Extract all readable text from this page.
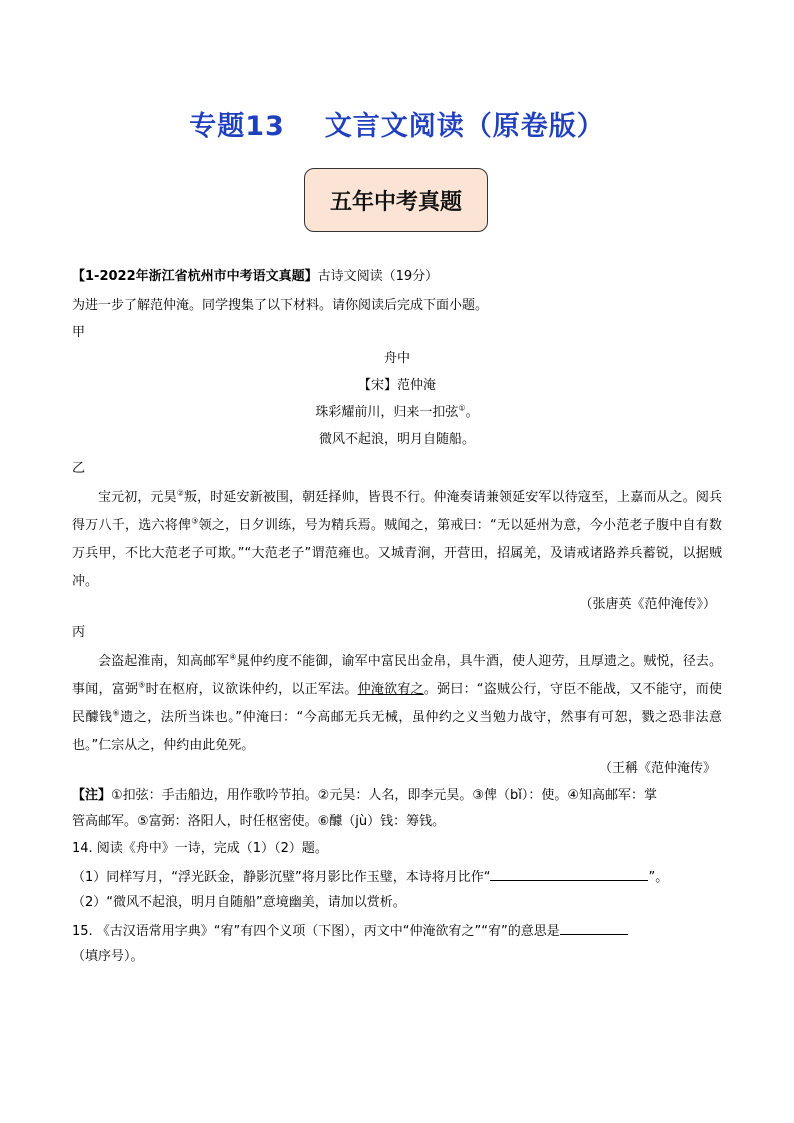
专题13 文言文阅读（原卷版）
五年中考真题
【1-2022年浙江省杭州市中考语文真题】古诗文阅读（19分）
为进一步了解范仲淹。同学搜集了以下材料。请你阅读后完成下面小题。
甲
舟中
【宋】范仲淹
珠彩耀前川，归来一扣弦①。
微风不起浪，明月自随船。
乙
宝元初，元昊②叛，时延安新被围，朝廷择帅，皆畏不行。仲淹奏请兼领延安军以待寇至，上嘉而从之。阅兵得万八千，选六将俾③领之，日夕训练，号为精兵焉。贼闻之，第戒曰：“无以延州为意，今小范老子腹中自有数万兵甲，不比大范老子可欺。”“大范老子”谓范雍也。又城青涧，开营田，招属羌，及请戒诸路养兵蓄锐，以据贼冲。
（张唐英《范仲淹传》）
丙
会盗起淮南，知高邮军④晁仲约度不能御，谕军中富民出金帛，具牛酒，使人迎劳，且厚遗之。贼悦，径去。事闻，富弼⑤时在枢府，议欲诛仲约，以正军法。仲淹欲宥之。弼曰：“盗贼公行，守臣不能战，又不能守，而使民醵钱⑥遗之，法所当诛也。”仲淹曰：“今高邮无兵无械，虽仲约之义当勉力战守，然事有可恕，戮之恐非法意也。”仁宗从之，仲约由此免死。
（王稱《范仲淹传》
【注】①扣弦：手击船边，用作歌吟节拍。②元昊：人名，即李元昊。③俾（bǐ）：使。④知高邮军：掌
管高邮军。⑤富弼：洛阳人，时任枢密使。⑥醵（jù）钱：筹钱。
14. 阅读《舟中》一诗，完成（1）（2）题。
（1）同样写月，“浮光跃金，静影沉璧”将月影比作玉璧，本诗将月比作“	”。
（2）“微风不起浪，明月自随船”意境幽美，请加以赏析。
15. 《古汉语常用字典》“宥”有四个义项（下图），丙文中“仲淹欲宥之”“宥”的意思是
（填序号）。
